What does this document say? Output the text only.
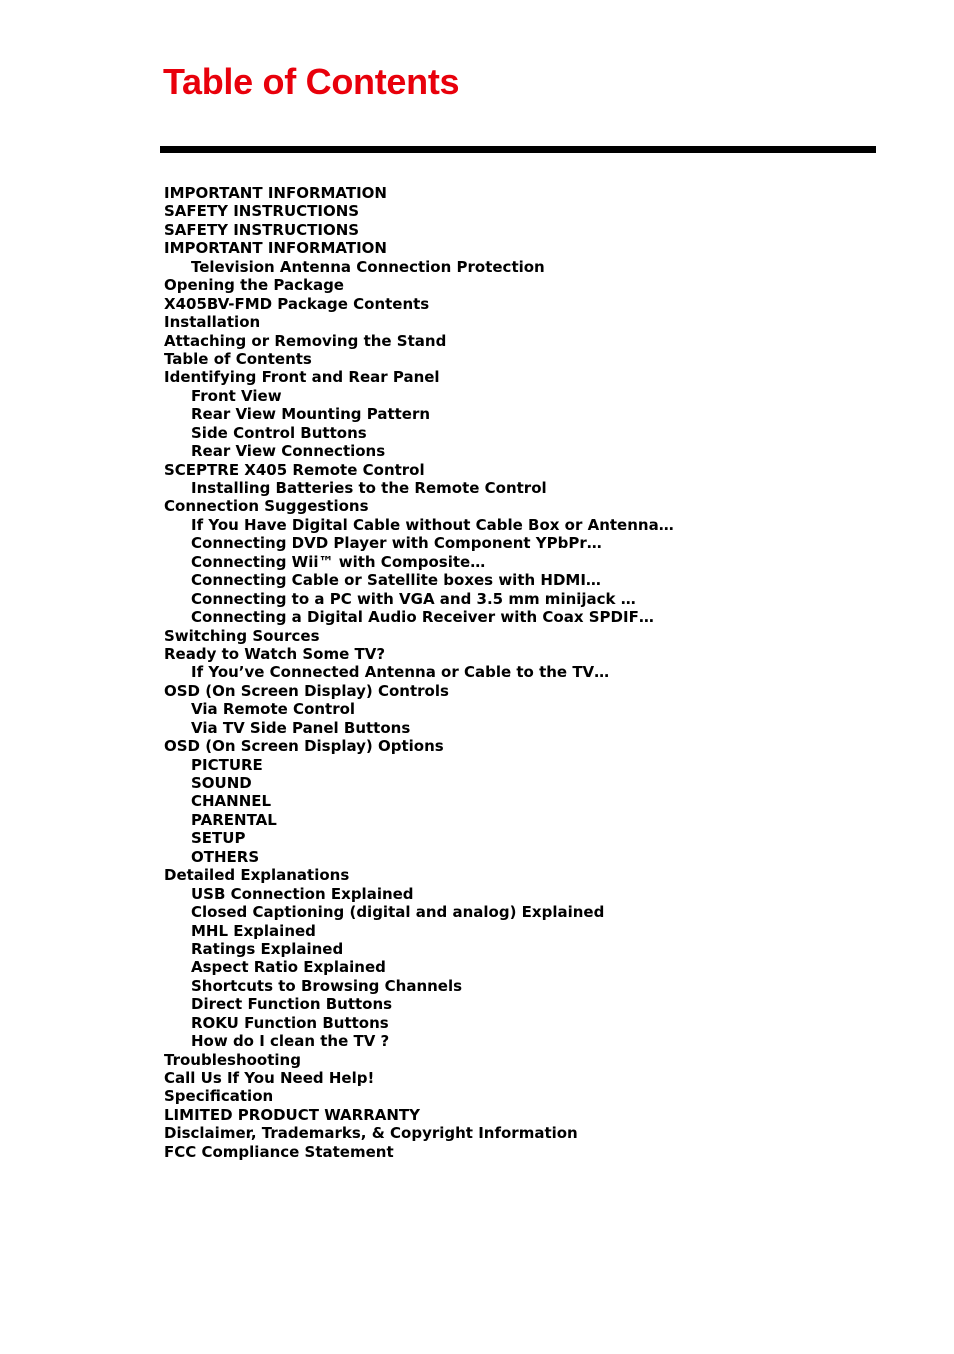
Table of Contents
IMPORTANT INFORMATION
SAFETY INSTRUCTIONS
SAFETY INSTRUCTIONS
IMPORTANT INFORMATION
Television Antenna Connection Protection
Opening the Package
X405BV-FMD Package Contents
Installation
Attaching or Removing the Stand
Table of Contents
Identifying Front and Rear Panel
Front View
Rear View Mounting Pattern
Side Control Buttons
Rear View Connections
SCEPTRE X405 Remote Control
Installing Batteries to the Remote Control
Connection Suggestions
If You Have Digital Cable without Cable Box or Antenna…
Connecting DVD Player with Component YPbPr…
Connecting Wii™ with Composite…
Connecting Cable or Satellite boxes with HDMI…
Connecting to a PC with VGA and 3.5 mm minijack …
Connecting a Digital Audio Receiver with Coax SPDIF…
Switching Sources
Ready to Watch Some TV?
If You’ve Connected Antenna or Cable to the TV…
OSD (On Screen Display) Controls
Via Remote Control
Via TV Side Panel Buttons
OSD (On Screen Display) Options
PICTURE
SOUND
CHANNEL
PARENTAL
SETUP
OTHERS
Detailed Explanations
USB Connection Explained
Closed Captioning (digital and analog) Explained
MHL Explained
Ratings Explained
Aspect Ratio Explained
Shortcuts to Browsing Channels
Direct Function Buttons
ROKU Function Buttons
How do I clean the TV ?
Troubleshooting
Call Us If You Need Help!
Specification
LIMITED PRODUCT WARRANTY
Disclaimer, Trademarks, & Copyright Information
FCC Compliance Statement
